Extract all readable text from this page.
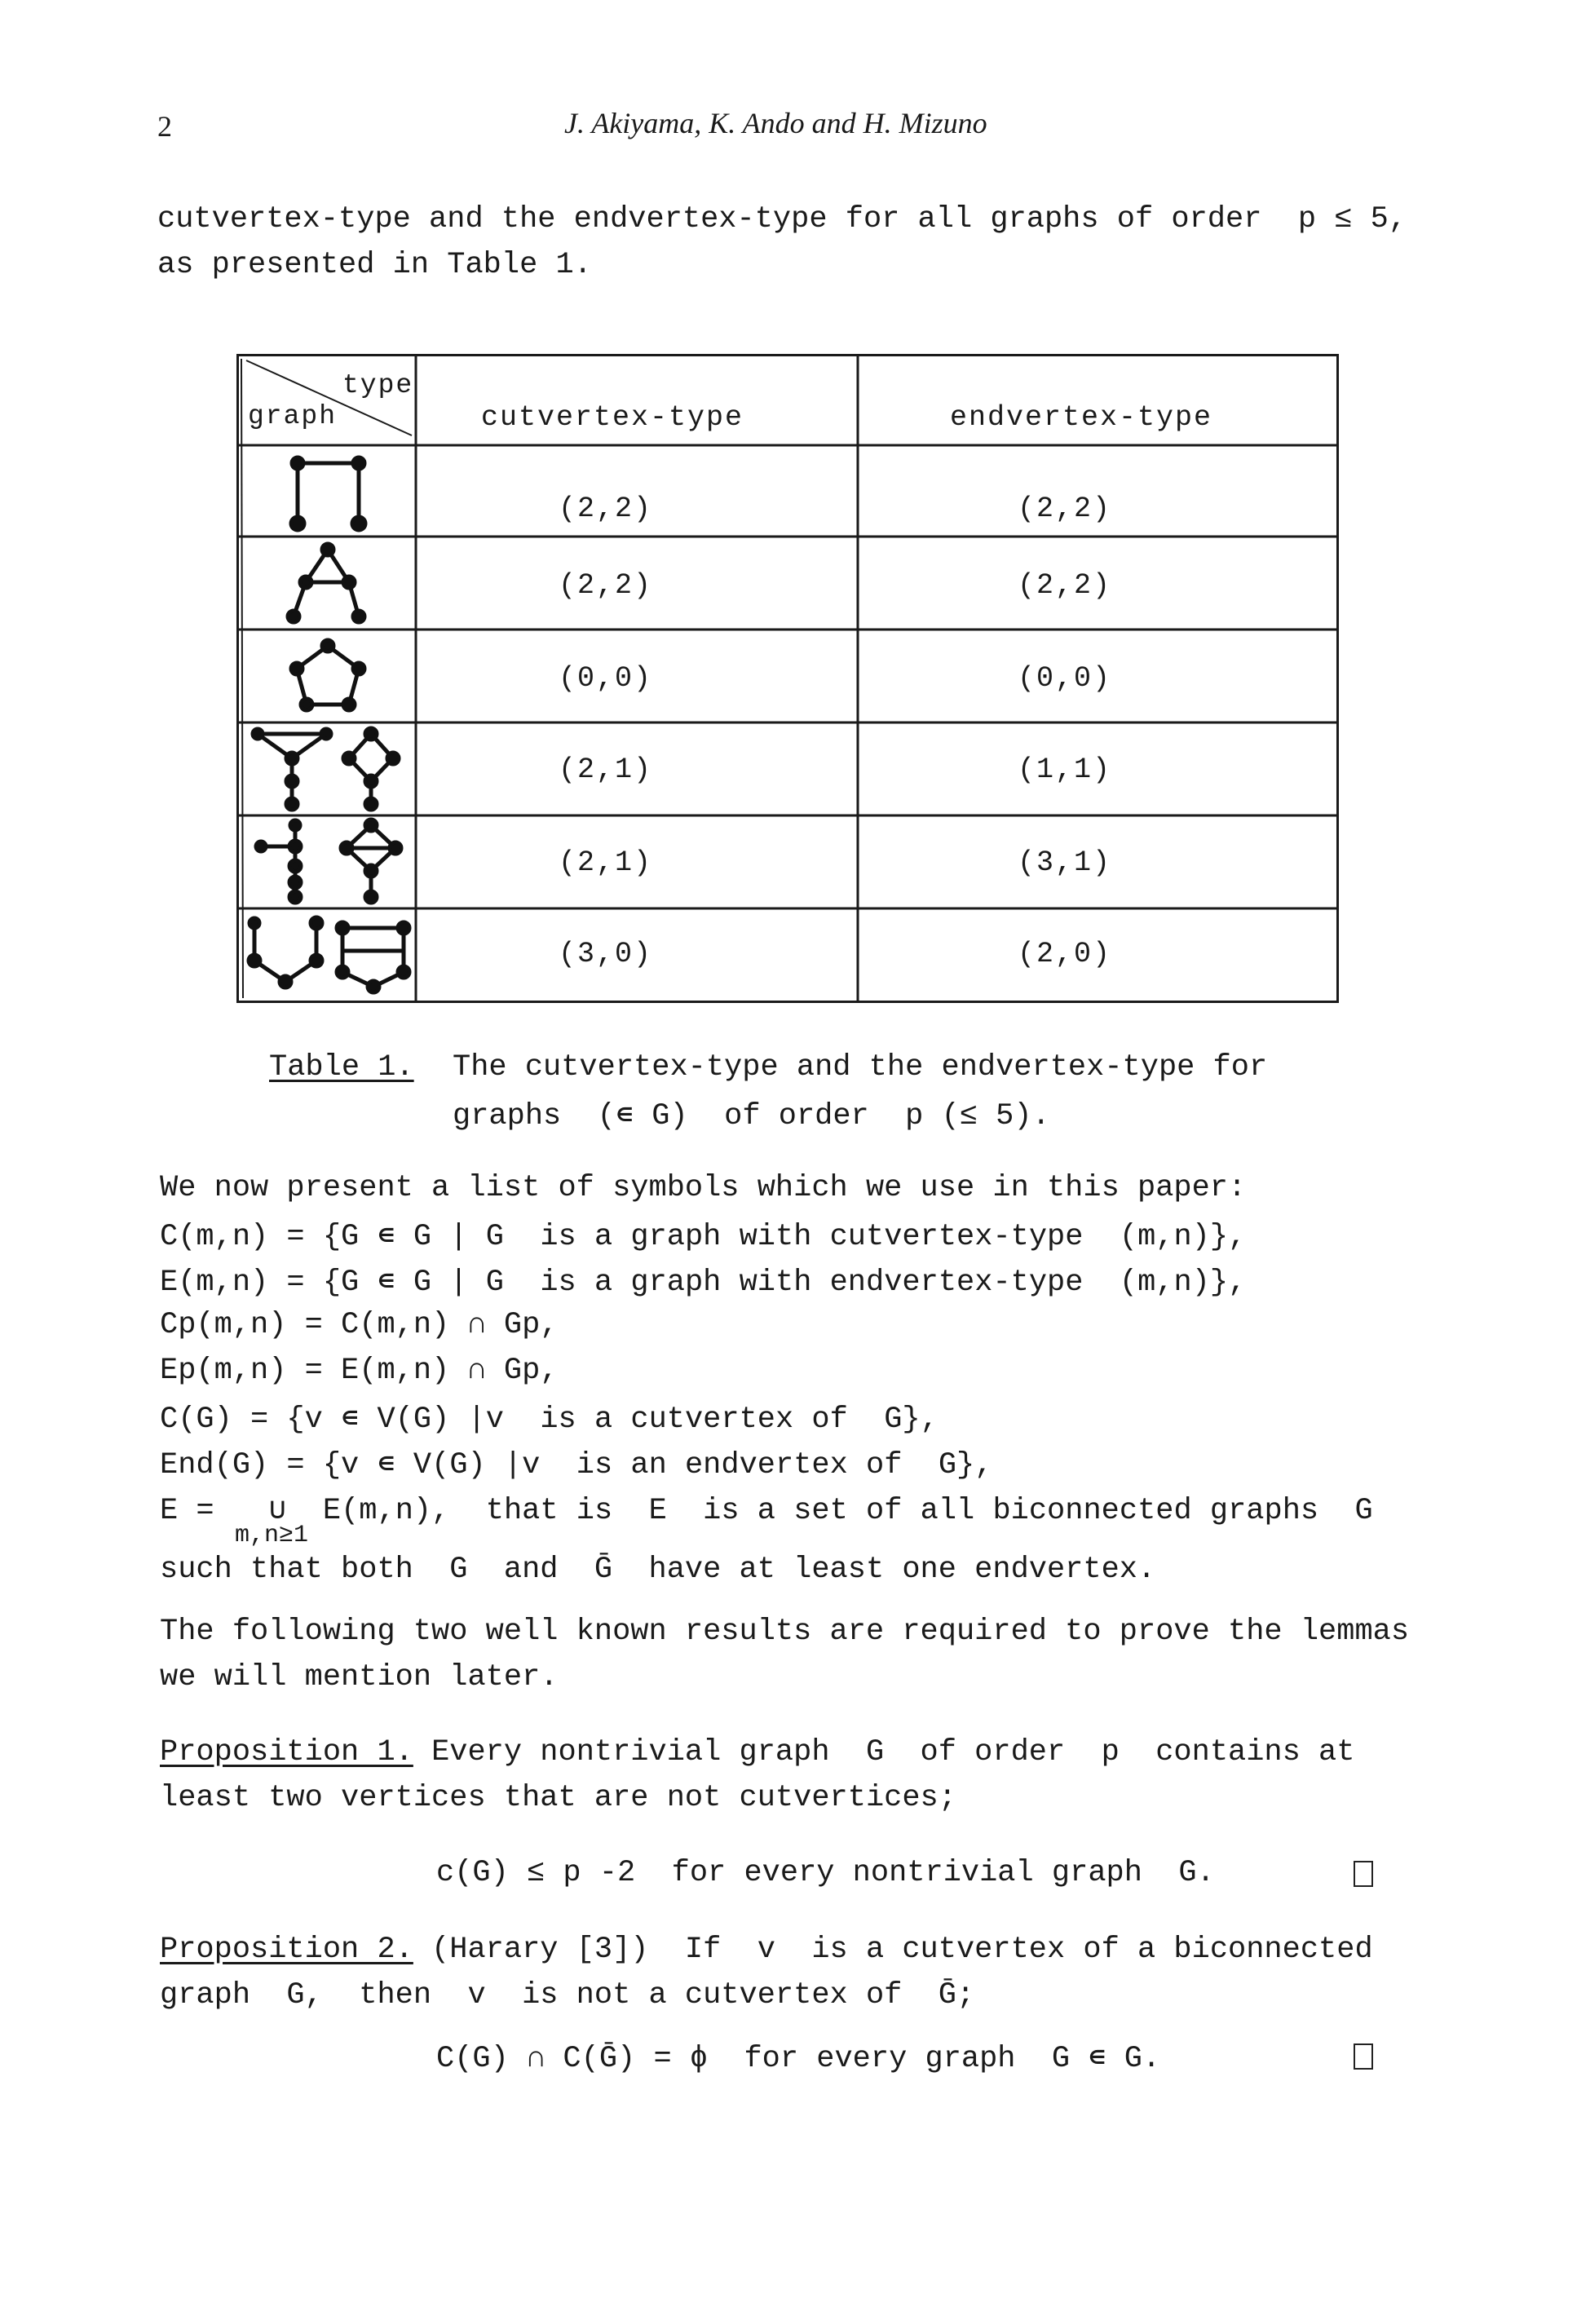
2	J. Akiyama, K. Ando and H. Mizuno
cutvertex-type and the endvertex-type for all graphs of order  p ≤ 5,
as presented in Table 1.
type
graph	cutvertex-type	endvertex-type
(2,2)	(2,2)
(2,2)	(2,2)
(0,0)	(0,0)
(2,1)	(1,1)
(2,1)	(3,1)
(3,0)	(2,0)
Table 1. The cutvertex-type and the endvertex-type for
graphs  (∊ G)  of order  p (≤ 5).
We now present a list of symbols which we use in this paper:
C(m,n) = {G ∊ G | G  is a graph with cutvertex-type  (m,n)},
E(m,n) = {G ∊ G | G  is a graph with endvertex-type  (m,n)},
Cp(m,n) = C(m,n) ∩ Gp,
Ep(m,n) = E(m,n) ∩ Gp,
C(G) = {v ∊ V(G) |v  is a cutvertex of  G},
End(G) = {v ∊ V(G) |v  is an endvertex of  G},
E =   ∪  E(m,n),  that is  E  is a set of all biconnected graphs  G
m,n≥1
such that both  G  and  Ḡ  have at least one endvertex.
The following two well known results are required to prove the lemmas
we will mention later.
Proposition 1. Every nontrivial graph  G  of order  p  contains at
least two vertices that are not cutvertices;
c(G) ≤ p -2  for every nontrivial graph  G.
Proposition 2. (Harary [3])  If  v  is a cutvertex of a biconnected
graph  G,  then  v  is not a cutvertex of  Ḡ;
C(G) ∩ C(Ḡ) = ϕ  for every graph  G ∊ G.
